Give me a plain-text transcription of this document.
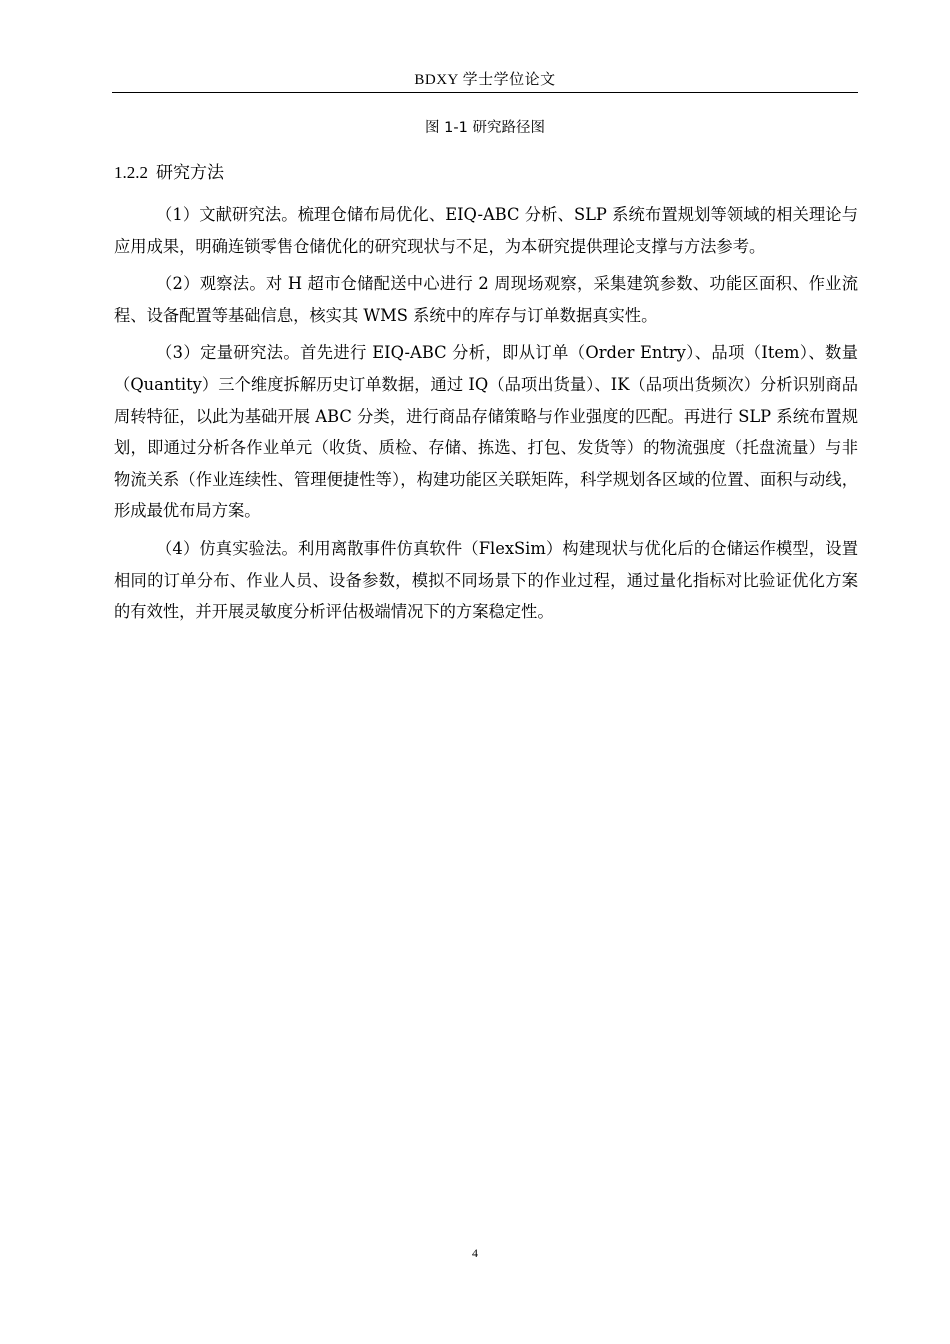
BDXY 学士学位论文
图 1-1 研究路径图
1.2.2 研究方法

（1）文献研究法。梳理仓储布局优化、EIQ-ABC 分析、SLP 系统布置规划等领域的相关理论与应用成果，明确连锁零售仓储优化的研究现状与不足，为本研究提供理论支撑与方法参考。

（2）观察法。对 H 超市仓储配送中心进行 2 周现场观察，采集建筑参数、功能区面积、作业流程、设备配置等基础信息，核实其 WMS 系统中的库存与订单数据真实性。

（3）定量研究法。首先进行 EIQ-ABC 分析，即从订单（Order Entry）、品项（Item）、数量（Quantity）三个维度拆解历史订单数据，通过 IQ（品项出货量）、IK（品项出货频次）分析识别商品周转特征，以此为基础开展 ABC 分类，进行商品存储策略与作业强度的匹配。再进行 SLP 系统布置规划，即通过分析各作业单元（收货、质检、存储、拣选、打包、发货等）的物流强度（托盘流量）与非物流关系（作业连续性、管理便捷性等），构建功能区关联矩阵，科学规划各区域的位置、面积与动线，形成最优布局方案。

（4）仿真实验法。利用离散事件仿真软件（FlexSim）构建现状与优化后的仓储运作模型，设置相同的订单分布、作业人员、设备参数，模拟不同场景下的作业过程，通过量化指标对比验证优化方案的有效性，并开展灵敏度分析评估极端情况下的方案稳定性。

4
